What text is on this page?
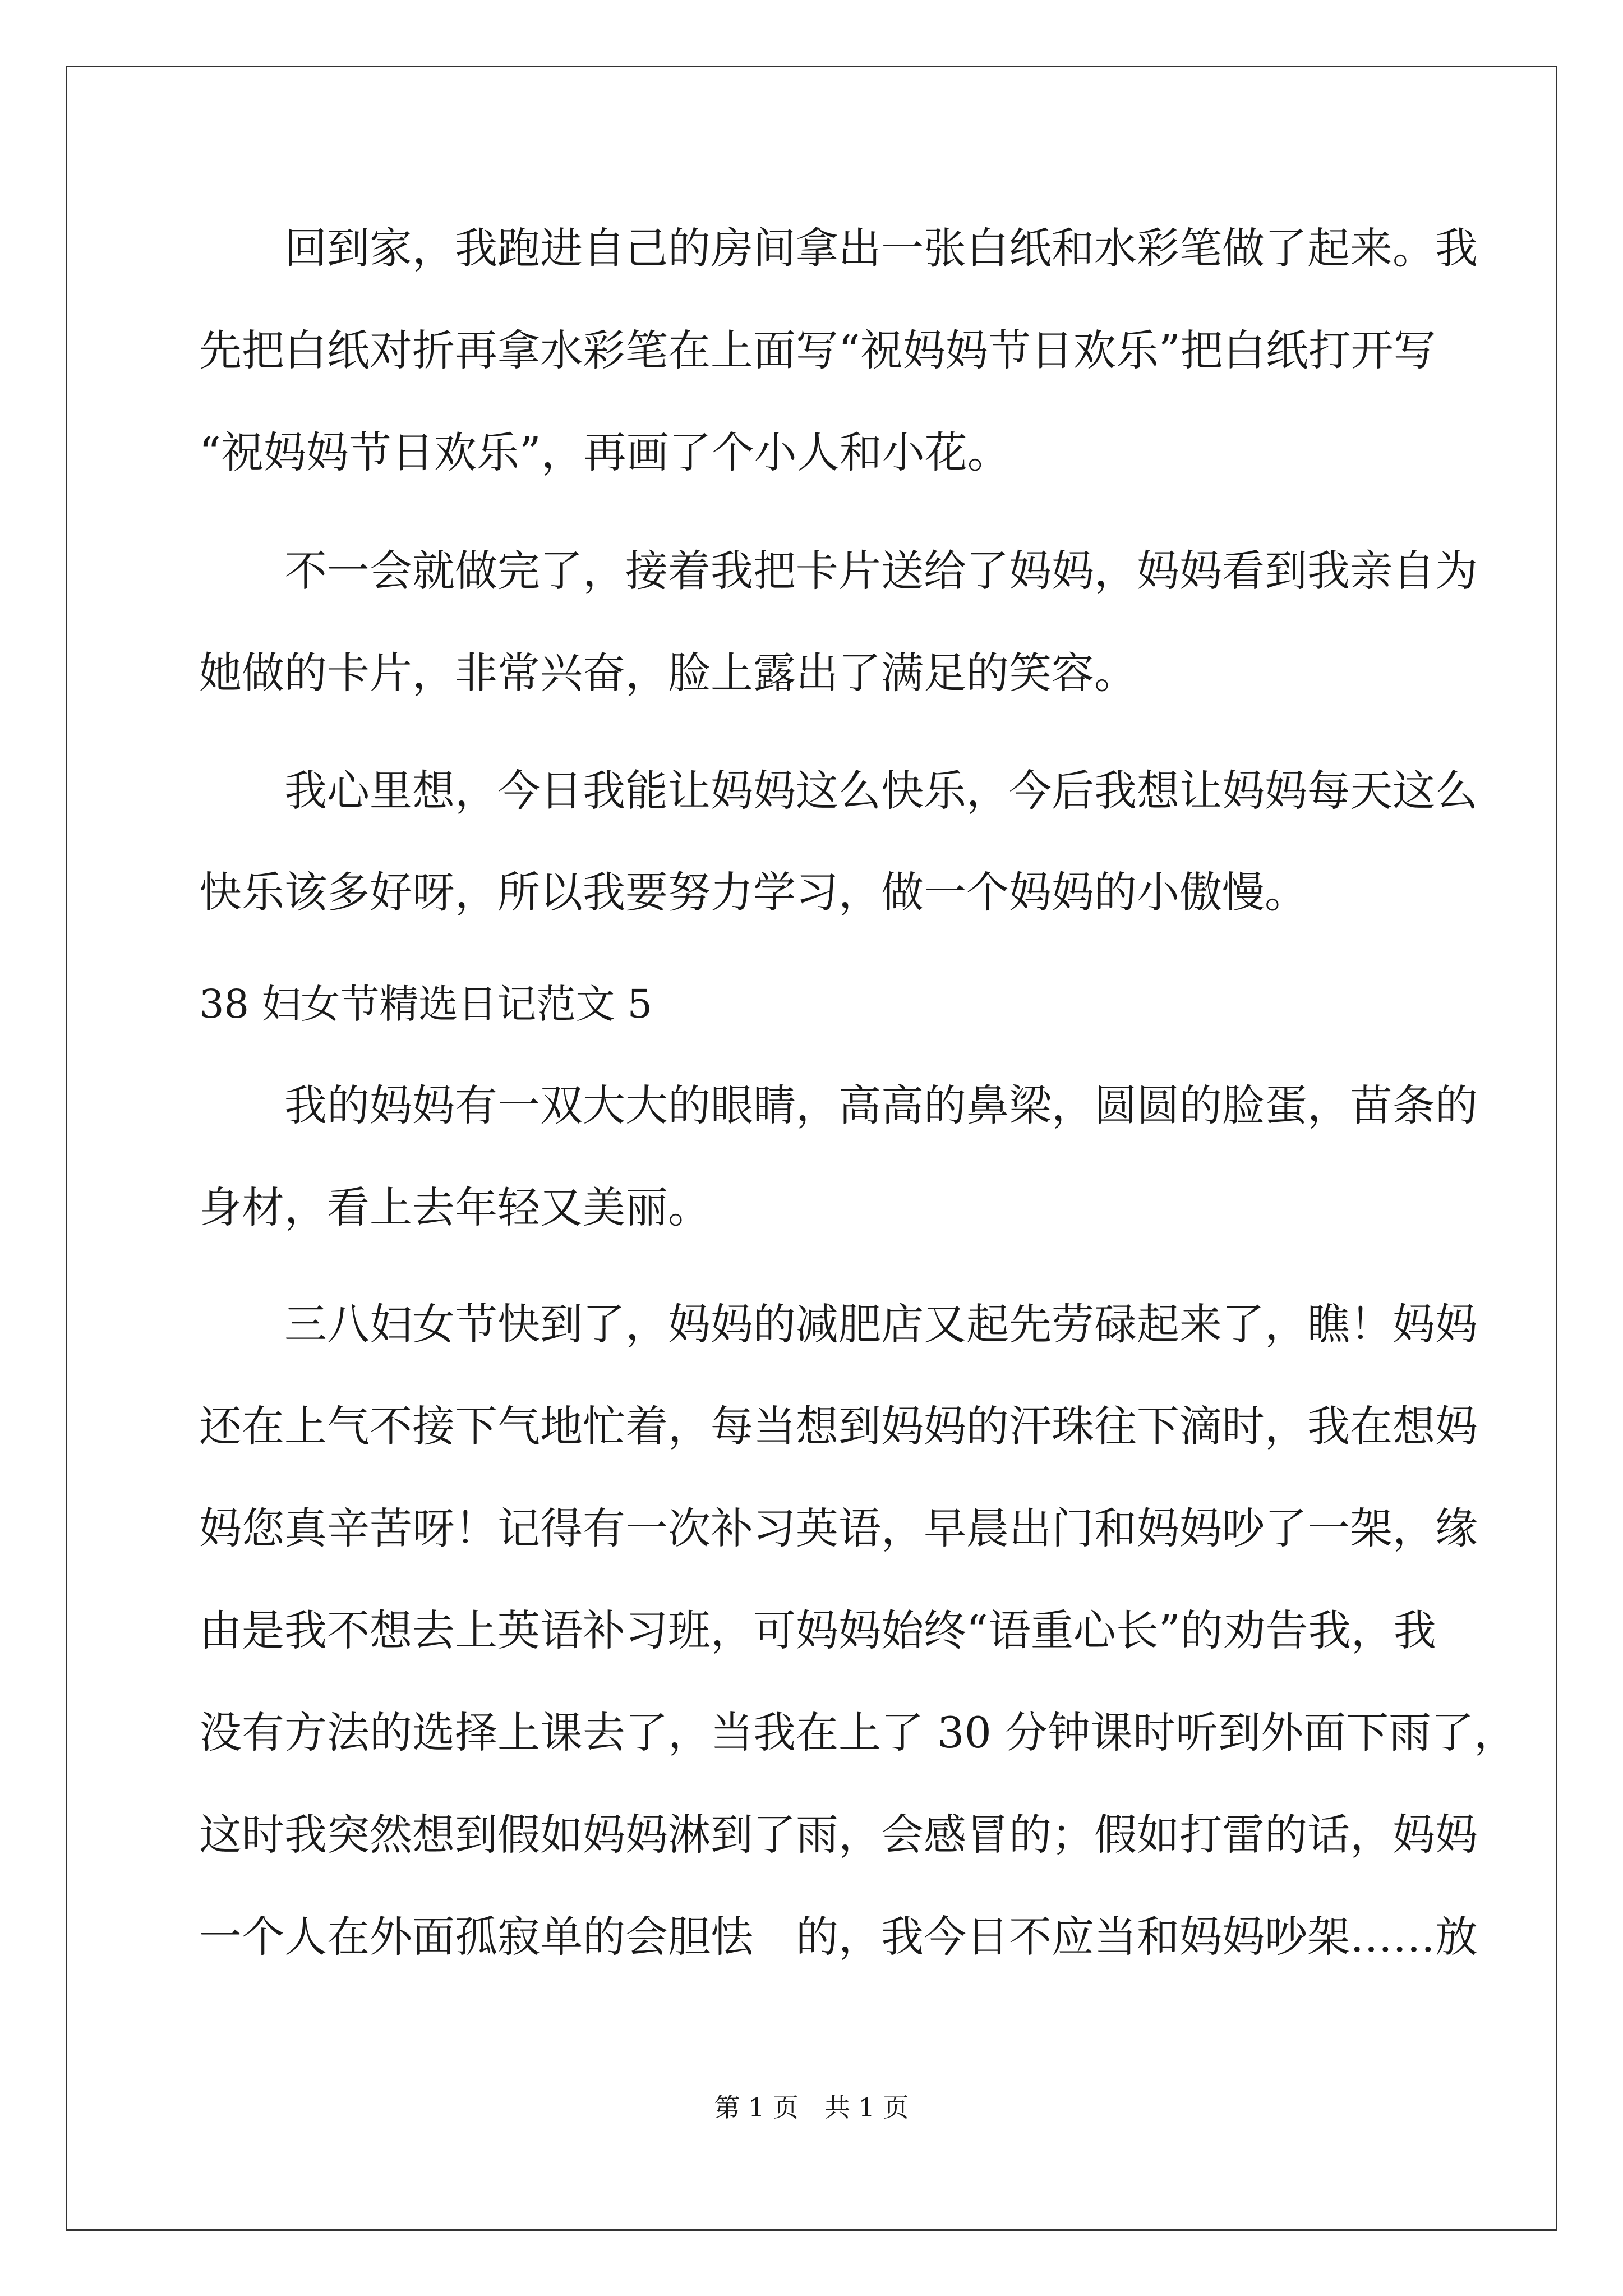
　　回到家，我跑进自己的房间拿出一张白纸和水彩笔做了起来。我
先把白纸对折再拿水彩笔在上面写“祝妈妈节日欢乐”把白纸打开写
“祝妈妈节日欢乐”，再画了个小人和小花。
　　不一会就做完了，接着我把卡片送给了妈妈，妈妈看到我亲自为
她做的卡片，非常兴奋，脸上露出了满足的笑容。
　　我心里想，今日我能让妈妈这么快乐，今后我想让妈妈每天这么
快乐该多好呀，所以我要努力学习，做一个妈妈的小傲慢。
38 妇女节精选日记范文 5
　　我的妈妈有一双大大的眼睛，高高的鼻梁，圆圆的脸蛋，苗条的
身材，看上去年轻又美丽。
　　三八妇女节快到了，妈妈的减肥店又起先劳碌起来了，瞧！妈妈
还在上气不接下气地忙着，每当想到妈妈的汗珠往下滴时，我在想妈
妈您真辛苦呀！记得有一次补习英语，早晨出门和妈妈吵了一架，缘
由是我不想去上英语补习班，可妈妈始终“语重心长”的劝告我，我
没有方法的选择上课去了，当我在上了 30 分钟课时听到外面下雨了，
这时我突然想到假如妈妈淋到了雨，会感冒的；假如打雷的话，妈妈
一个人在外面孤寂单的会胆怯　的，我今日不应当和妈妈吵架……放
第 1 页　共 1 页
